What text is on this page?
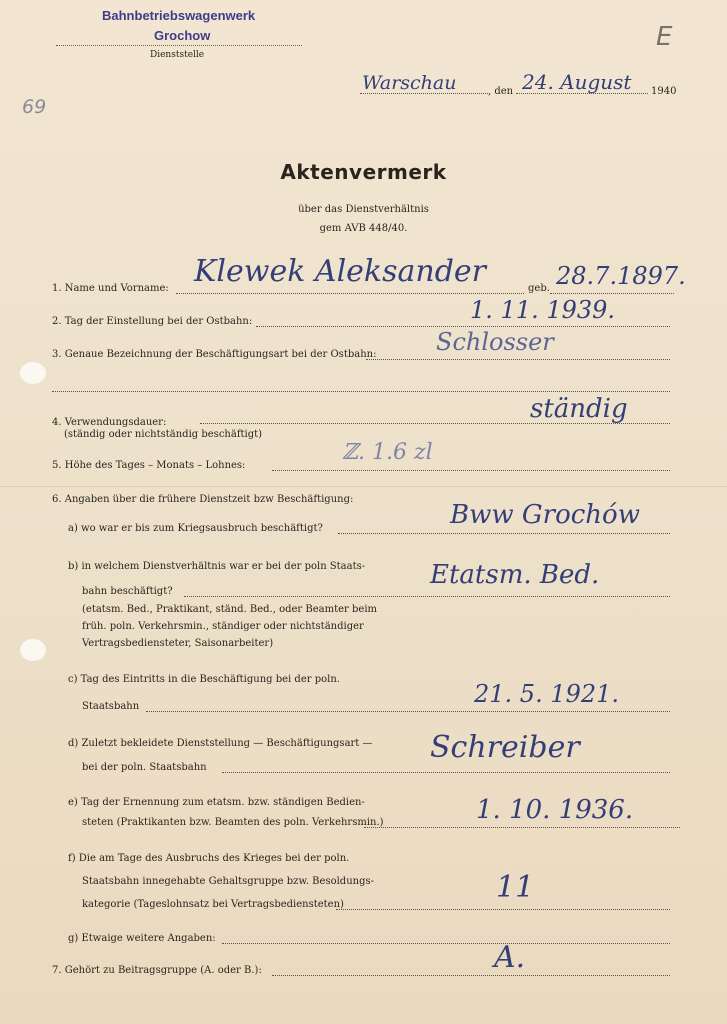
Bahnbetriebswagenwerk
Grochow
Dienststelle
E
69
Warschau	, den 24. August 1940
Aktenvermerk
über das Dienstverhältnis
gem AVB 448/40.
1. Name und Vorname: Klewek Aleksander	geb. 28.7.1897.
2. Tag der Einstellung bei der Ostbahn:	1. 11. 1939.
3. Genaue Bezeichnung der Beschäftigungsart bei der Ostbahn: Schlosser
4. Verwendungsdauer:
(ständig oder nichtständig beschäftigt)
ständig
5. Höhe des Tages – Monats – Lohnes:
ℤ. 1.6 zl
6. Angaben über die frühere Dienstzeit bzw Beschäftigung:
a) wo war er bis zum Kriegsausbruch beschäftigt?	Bww Grochów
b) in welchem Dienstverhältnis war er bei der poln Staats-
bahn beschäftigt?
(etatsm. Bed., Praktikant, ständ. Bed., oder Beamter beim
früh. poln. Verkehrsmin., ständiger oder nichtständiger
Vertragsbediensteter, Saisonarbeiter)
Etatsm. Bed.
c) Tag des Eintritts in die Beschäftigung bei der poln.
Staatsbahn	21. 5. 1921.
d) Zuletzt bekleidete Dienststellung — Beschäftigungsart —
bei der poln. Staatsbahn
Schreiber
e) Tag der Ernennung zum etatsm. bzw. ständigen Bedien-
steten (Praktikanten bzw. Beamten des poln. Verkehrsmin.)	1. 10. 1936.
f) Die am Tage des Ausbruchs des Krieges bei der poln.
Staatsbahn innegehabte Gehaltsgruppe bzw. Besoldungs-
kategorie (Tageslohnsatz bei Vertragsbediensteten)	11
g) Etwaige weitere Angaben:
7. Gehört zu Beitragsgruppe (A. oder B.):	A.
